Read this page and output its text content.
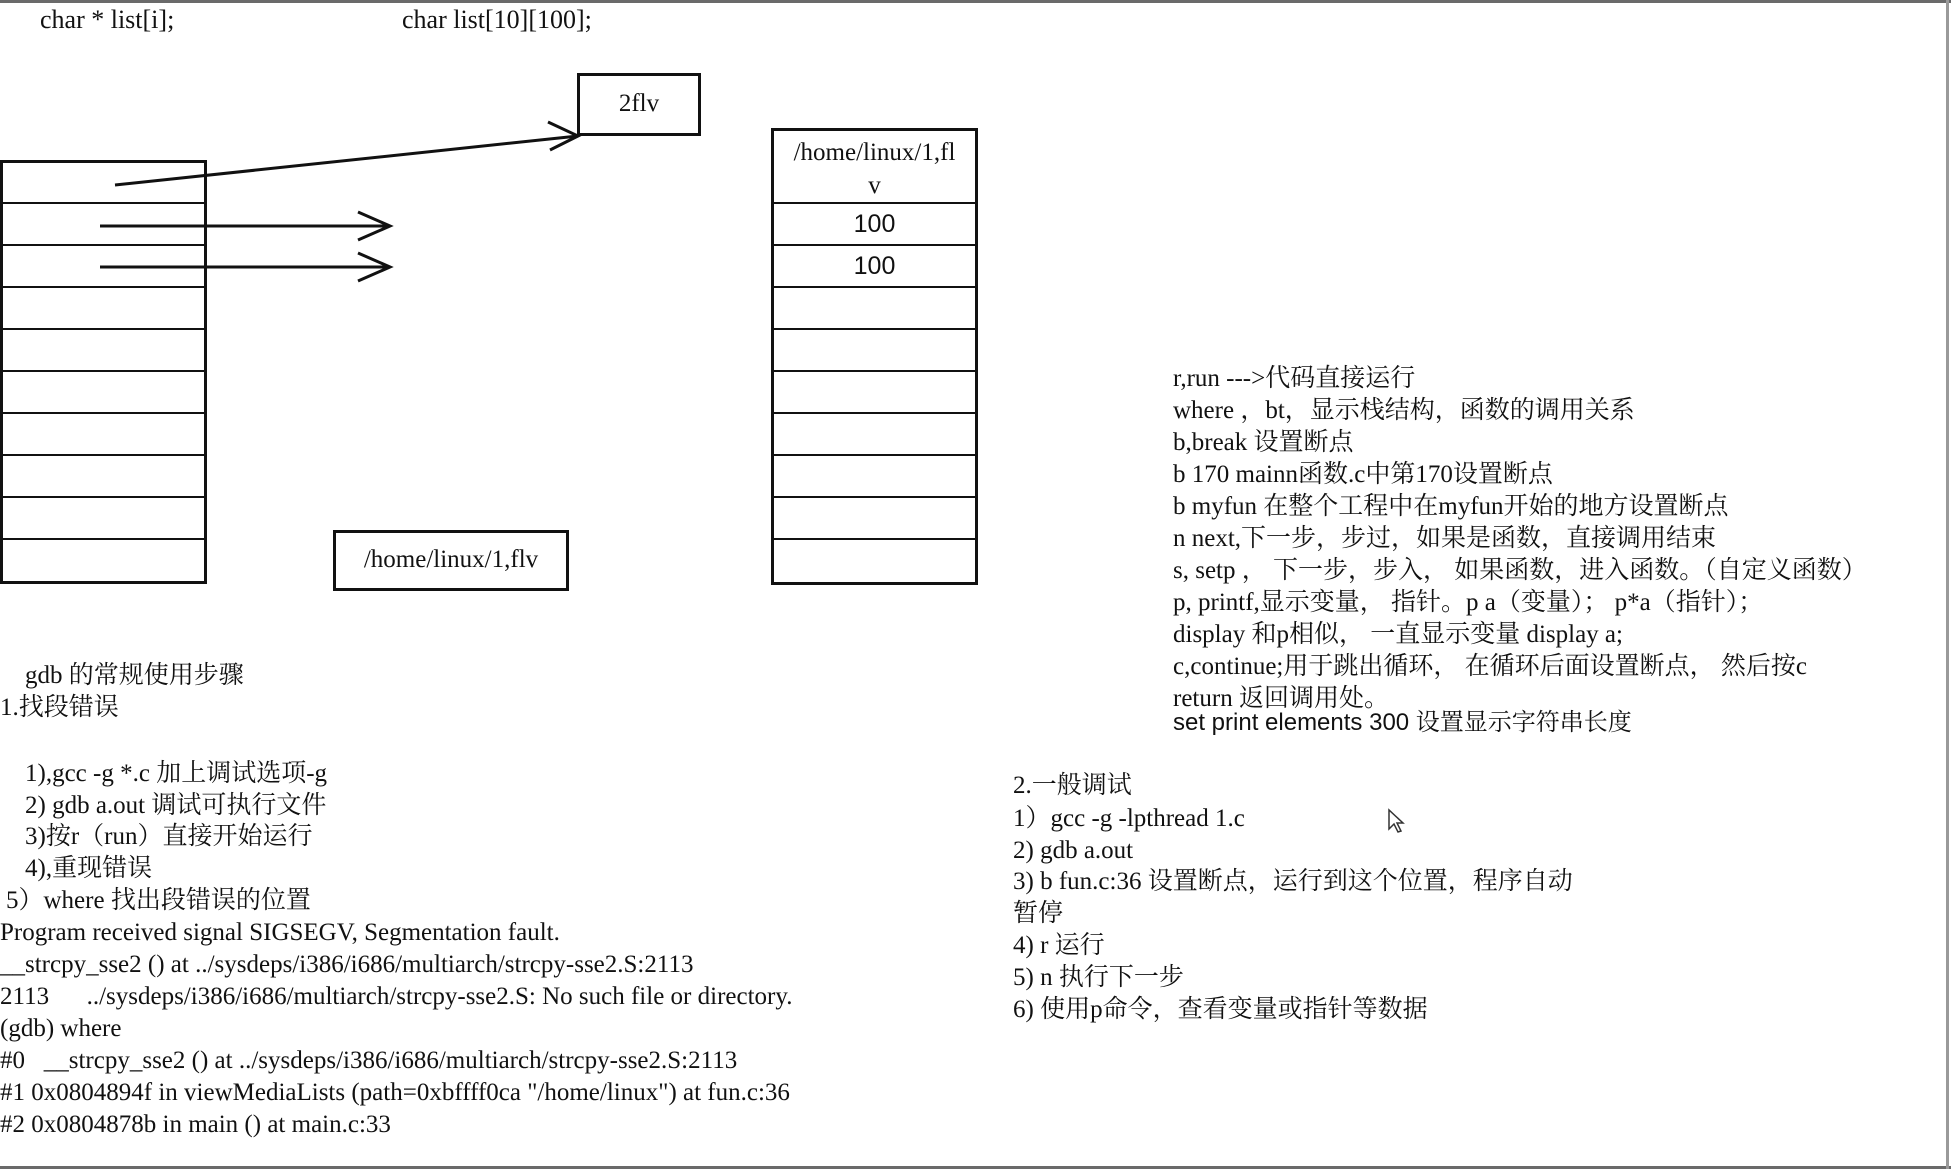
char * list[i];	char list[10][100];
2flv
/home/linux/1,flv
/home/linux/1,fl
v
100
100
gdb 的常规使用步骤
1.找段错误
1),gcc -g *.c 加上调试选项-g
2) gdb a.out 调试可执行文件
3)按r（run）直接开始运行
4),重现错误
5）where 找出段错误的位置
Program received signal SIGSEGV, Segmentation fault.
__strcpy_sse2 () at ../sysdeps/i386/i686/multiarch/strcpy-sse2.S:2113
2113      ../sysdeps/i386/i686/multiarch/strcpy-sse2.S: No such file or directory.
(gdb) where
#0   __strcpy_sse2 () at ../sysdeps/i386/i686/multiarch/strcpy-sse2.S:2113
#1 0x0804894f in viewMediaLists (path=0xbffff0ca "/home/linux") at fun.c:36
#2 0x0804878b in main () at main.c:33
r,run --->代码直接运行
where ，bt，显示栈结构，函数的调用关系
b,break 设置断点
b 170 mainn函数.c中第170设置断点
b myfun 在整个工程中在myfun开始的地方设置断点
n next,下一步，步过，如果是函数，直接调用结束
s, setp ， 下一步，步入， 如果函数，进入函数。（自定义函数）
p, printf,显示变量， 指针。p a（变量）； p*a（指针）；
display 和p相似， 一直显示变量 display a;
c,continue;用于跳出循环， 在循环后面设置断点， 然后按c
return 返回调用处。
set print elements 300 设置显示字符串长度
2.一般调试
1）gcc -g -lpthread 1.c
2) gdb a.out
3) b fun.c:36 设置断点，运行到这个位置，程序自动
暂停
4) r 运行
5) n 执行下一步
6) 使用p命令，查看变量或指针等数据
